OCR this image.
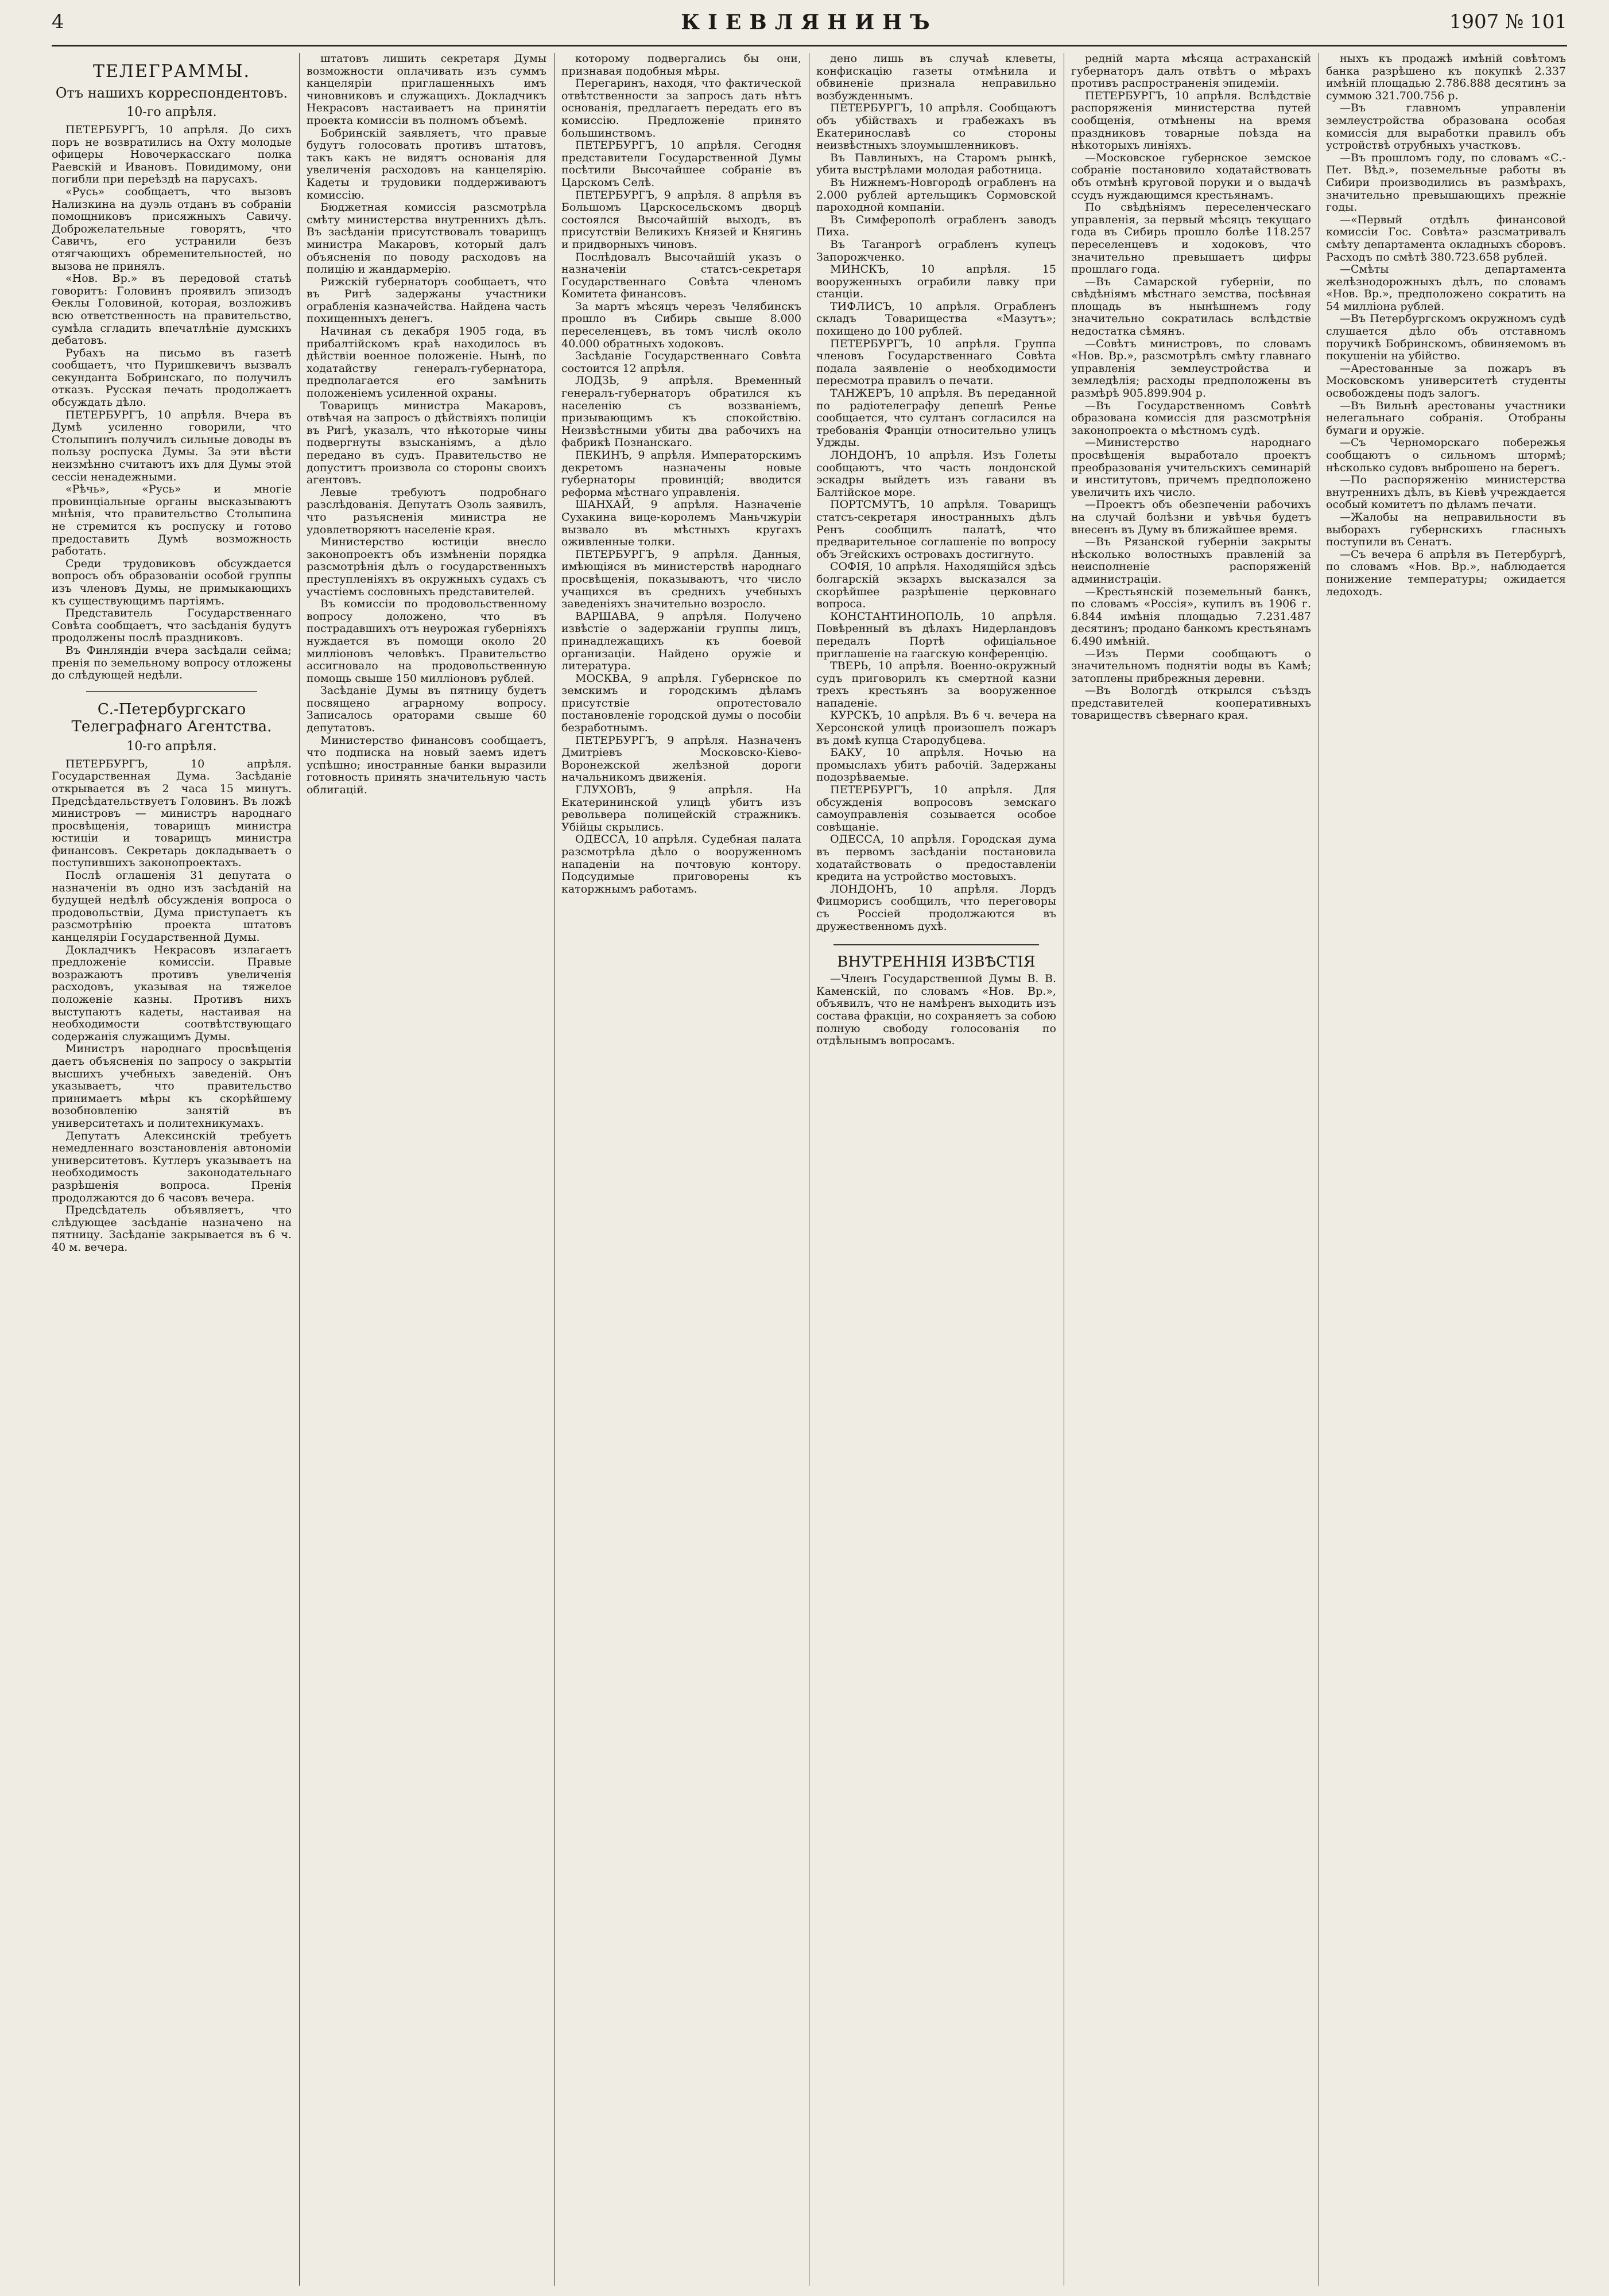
4	КІЕВЛЯНИНЪ	1907 № 101
ТЕЛЕГРАММЫ.
Отъ нашихъ корреспондентовъ.
10-го апрѣля.

ПЕТЕРБУРГЪ, 10 апрѣля. До сихъ поръ не возвратились на Охту молодые офицеры Новочеркасскаго полка Раевскій и Ивановъ. Повидимому, они погибли при переѣздѣ на парусахъ.

«Русь» сообщаетъ, что вызовъ Нализкина на дуэль отданъ въ собраніи помощниковъ присяжныхъ Савичу. Доброжелательные говорятъ, что Савичъ, его устранили безъ отягчающихъ обременительностей, но вызова не принялъ.

«Нов. Вр.» въ передовой статьѣ говоритъ: Головинъ проявилъ эпизодъ Ѳеклы Головиной, которая, возложивъ всю ответственность на правительство, сумѣла сгладить впечатлѣніе думскихъ дебатовъ.

Рубахъ на письмо въ газетѣ сообщаетъ, что Пуришкевичъ вызвалъ секунданта Бобринскаго, по получилъ отказъ. Русская печать продолжаетъ обсуждать дѣло.

ПЕТЕРБУРГЪ, 10 апрѣля. Вчера въ Думѣ усиленно говорили, что Столыпинъ получилъ сильные доводы въ пользу роспуска Думы. За эти вѣсти неизмѣнно считаютъ ихъ для Думы этой сессіи ненадежными.

«Рѣчь», «Русь» и многіе провинціальные органы высказываютъ мнѣнія, что правительство Столыпина не стремится къ роспуску и готово предоставить Думѣ возможность работать.

Среди трудовиковъ обсуждается вопросъ объ образованіи особой группы изъ членовъ Думы, не примыкающихъ къ существующимъ партіямъ.

Представитель Государственнаго Совѣта сообщаетъ, что засѣданія будутъ продолжены послѣ праздниковъ.

Въ Финляндіи вчера засѣдали сейма; пренія по земельному вопросу отложены до слѣдующей недѣли.

С.-Петербургскаго Телеграфнаго Агентства.
10-го апрѣля.

ПЕТЕРБУРГЪ, 10 апрѣля. Государственная Дума. Засѣданіе открывается въ 2 часа 15 минутъ. Предсѣдательствуетъ Головинъ. Въ ложѣ министровъ — министръ народнаго просвѣщенія, товарищъ министра юстиціи и товарищъ министра финансовъ. Секретарь докладываетъ о поступившихъ законопроектахъ.

Послѣ оглашенія 31 депутата о назначеніи въ одно изъ засѣданій на будущей недѣлѣ обсужденія вопроса о продовольствіи, Дума приступаетъ къ разсмотрѣнію проекта штатовъ канцеляріи Государственной Думы.

Докладчикъ Некрасовъ излагаетъ предложеніе комиссіи. Правые возражаютъ противъ увеличенія расходовъ, указывая на тяжелое положеніе казны. Противъ нихъ выступаютъ кадеты, настаивая на необходимости соотвѣтствующаго содержанія служащимъ Думы.

Министръ народнаго просвѣщенія даетъ объясненія по запросу о закрытіи высшихъ учебныхъ заведеній. Онъ указываетъ, что правительство принимаетъ мѣры къ скорѣйшему возобновленію занятій въ университетахъ и политехникумахъ.

Депутатъ Алексинскій требуетъ немедленнаго возстановленія автономіи университетовъ. Кутлеръ указываетъ на необходимость законодательнаго разрѣшенія вопроса. Пренія продолжаются до 6 часовъ вечера.

Предсѣдатель объявляетъ, что слѣдующее засѣданіе назначено на пятницу. Засѣданіе закрывается въ 6 ч. 40 м. вечера.

штатовъ лишить секретаря Думы возможности оплачивать изъ суммъ канцеляріи приглашенныхъ имъ чиновниковъ и служащихъ. Докладчикъ Некрасовъ настаиваетъ на принятіи проекта комиссіи въ полномъ объемѣ.

Бобринскій заявляетъ, что правые будутъ голосовать противъ штатовъ, такъ какъ не видятъ основанія для увеличенія расходовъ на канцелярію. Кадеты и трудовики поддерживаютъ комиссію.

Бюджетная комиссія разсмотрѣла смѣту министерства внутреннихъ дѣлъ. Въ засѣданіи присутствовалъ товарищъ министра Макаровъ, который далъ объясненія по поводу расходовъ на полицію и жандармерію.

Рижскій губернаторъ сообщаетъ, что въ Ригѣ задержаны участники ограбленія казначейства. Найдена часть похищенныхъ денегъ.

Начиная съ декабря 1905 года, въ прибалтійскомъ краѣ находилось въ дѣйствіи военное положеніе. Нынѣ, по ходатайству генералъ-губернатора, предполагается его замѣнить положеніемъ усиленной охраны.

Товарищъ министра Макаровъ, отвѣчая на запросъ о дѣйствіяхъ полиціи въ Ригѣ, указалъ, что нѣкоторые чины подвергнуты взысканіямъ, а дѣло передано въ судъ. Правительство не допуститъ произвола со стороны своихъ агентовъ.

Левые требуютъ подробнаго разслѣдованія. Депутатъ Озоль заявилъ, что разъясненія министра не удовлетворяютъ населеніе края.

Министерство юстиціи внесло законопроектъ объ измѣненіи порядка разсмотрѣнія дѣлъ о государственныхъ преступленіяхъ въ окружныхъ судахъ съ участіемъ сословныхъ представителей.

Въ комиссіи по продовольственному вопросу доложено, что въ пострадавшихъ отъ неурожая губерніяхъ нуждается въ помощи около 20 милліоновъ человѣкъ. Правительство ассигновало на продовольственную помощь свыше 150 милліоновъ рублей.

Засѣданіе Думы въ пятницу будетъ посвящено аграрному вопросу. Записалось ораторами свыше 60 депутатовъ.

Министерство финансовъ сообщаетъ, что подписка на новый заемъ идетъ успѣшно; иностранные банки выразили готовность принять значительную часть облигацій.

которому подвергались бы они, признавая подобныя мѣры.

Перегаринъ, находя, что фактической отвѣтственности за запросъ дать нѣтъ основанія, предлагаетъ передать его въ комиссію. Предложеніе принято большинствомъ.

ПЕТЕРБУРГЪ, 10 апрѣля. Сегодня представители Государственной Думы посѣтили Высочайшее собраніе въ Царскомъ Селѣ.

ПЕТЕРБУРГЪ, 9 апрѣля. 8 апрѣля въ Большомъ Царскосельскомъ дворцѣ состоялся Высочайшій выходъ, въ присутствіи Великихъ Князей и Княгинь и придворныхъ чиновъ.

Послѣдовалъ Высочайшій указъ о назначеніи статсъ-секретаря Государственнаго Совѣта членомъ Комитета финансовъ.

За мартъ мѣсяцъ черезъ Челябинскъ прошло въ Сибирь свыше 8.000 переселенцевъ, въ томъ числѣ около 40.000 обратныхъ ходоковъ.

Засѣданіе Государственнаго Совѣта состоится 12 апрѣля.

ЛОДЗЬ, 9 апрѣля. Временный генералъ-губернаторъ обратился къ населенію съ воззваніемъ, призывающимъ къ спокойствію. Неизвѣстными убиты два рабочихъ на фабрикѣ Познанскаго.

ПЕКИНЪ, 9 апрѣля. Императорскимъ декретомъ назначены новые губернаторы провинцій; вводится реформа мѣстнаго управленія.

ШАНХАЙ, 9 апрѣля. Назначеніе Сухакина вице-королемъ Маньчжуріи вызвало въ мѣстныхъ кругахъ оживленные толки.

ПЕТЕРБУРГЪ, 9 апрѣля. Данныя, имѣющіяся въ министерствѣ народнаго просвѣщенія, показываютъ, что число учащихся въ среднихъ учебныхъ заведеніяхъ значительно возросло.

ВАРШАВА, 9 апрѣля. Получено извѣстіе о задержаніи группы лицъ, принадлежащихъ къ боевой организаціи. Найдено оружіе и литература.

МОСКВА, 9 апрѣля. Губернское по земскимъ и городскимъ дѣламъ присутствіе опротестовало постановленіе городской думы о пособіи безработнымъ.

ПЕТЕРБУРГЪ, 9 апрѣля. Назначенъ Дмитріевъ Московско-Кіево-Воронежской желѣзной дороги начальникомъ движенія.

ГЛУХОВЪ, 9 апрѣля. На Екатерининской улицѣ убитъ изъ револьвера полицейскій стражникъ. Убійцы скрылись.

ОДЕССА, 10 апрѣля. Судебная палата разсмотрѣла дѣло о вооруженномъ нападеніи на почтовую контору. Подсудимые приговорены къ каторжнымъ работамъ.

дено лишь въ случаѣ клеветы, конфискацію газеты отмѣнила и обвиненіе признала неправильно возбужденнымъ.

ПЕТЕРБУРГЪ, 10 апрѣля. Сообщаютъ объ убійствахъ и грабежахъ въ Екатеринославѣ со стороны неизвѣстныхъ злоумышленниковъ.

Въ Павлиныхъ, на Старомъ рынкѣ, убита выстрѣлами молодая работница.

Въ Нижнемъ-Новгородѣ ограбленъ на 2.000 рублей артельщикъ Сормовской пароходной компаніи.

Въ Симферополѣ ограбленъ заводъ Пиха.

Въ Таганрогѣ ограбленъ купецъ Запорожченко.

МИНСКЪ, 10 апрѣля. 15 вооруженныхъ ограбили лавку при станціи.

ТИФЛИСЪ, 10 апрѣля. Ограбленъ складъ Товарищества «Мазутъ»; похищено до 100 рублей.

ПЕТЕРБУРГЪ, 10 апрѣля. Группа членовъ Государственнаго Совѣта подала заявленіе о необходимости пересмотра правилъ о печати.

ТАНЖЕРЪ, 10 апрѣля. Въ переданной по радіотелеграфу депешѣ Ренье сообщается, что султанъ согласился на требованія Франціи относительно улицъ Уджды.

ЛОНДОНЪ, 10 апрѣля. Изъ Голеты сообщаютъ, что часть лондонской эскадры выйдетъ изъ гавани въ Балтійское море.

ПОРТСМУТЪ, 10 апрѣля. Товарищъ статсъ-секретаря иностранныхъ дѣлъ Ренъ сообщилъ палатѣ, что предварительное соглашеніе по вопросу объ Эгейскихъ островахъ достигнуто.

СОФІЯ, 10 апрѣля. Находящійся здѣсь болгарскій экзархъ высказался за скорѣйшее разрѣшеніе церковнаго вопроса.

КОНСТАНТИНОПОЛЬ, 10 апрѣля. Повѣренный въ дѣлахъ Нидерландовъ передалъ Портѣ офиціальное приглашеніе на гаагскую конференцію.

ТВЕРЬ, 10 апрѣля. Военно-окружный судъ приговорилъ къ смертной казни трехъ крестьянъ за вооруженное нападеніе.

КУРСКЪ, 10 апрѣля. Въ 6 ч. вечера на Херсонской улицѣ произошелъ пожаръ въ домѣ купца Стародубцева.

БАКУ, 10 апрѣля. Ночью на промыслахъ убитъ рабочій. Задержаны подозрѣваемые.

ПЕТЕРБУРГЪ, 10 апрѣля. Для обсужденія вопросовъ земскаго самоуправленія созывается особое совѣщаніе.

ОДЕССА, 10 апрѣля. Городская дума въ первомъ засѣданіи постановила ходатайствовать о предоставленіи кредита на устройство мостовыхъ.

ЛОНДОНЪ, 10 апрѣля. Лордъ Фицморисъ сообщилъ, что переговоры съ Россіей продолжаются въ дружественномъ духѣ.

ВНУТРЕННІЯ ИЗВѢСТІЯ

—Членъ Государственной Думы В. В. Каменскій, по словамъ «Нов. Вр.», объявилъ, что не намѣренъ выходить изъ состава фракціи, но сохраняетъ за собою полную свободу голосованія по отдѣльнымъ вопросамъ.

редній марта мѣсяца астраханскій губернаторъ далъ отвѣтъ о мѣрахъ противъ распространенія эпидеміи.

ПЕТЕРБУРГЪ, 10 апрѣля. Вслѣдствіе распоряженія министерства путей сообщенія, отмѣнены на время праздниковъ товарные поѣзда на нѣкоторыхъ линіяхъ.

—Московское губернское земское собраніе постановило ходатайствовать объ отмѣнѣ круговой поруки и о выдачѣ ссудъ нуждающимся крестьянамъ.

По свѣдѣніямъ переселенческаго управленія, за первый мѣсяцъ текущаго года въ Сибирь прошло болѣе 118.257 переселенцевъ и ходоковъ, что значительно превышаетъ цифры прошлаго года.

—Въ Самарской губерніи, по свѣдѣніямъ мѣстнаго земства, посѣвная площадь въ нынѣшнемъ году значительно сократилась вслѣдствіе недостатка сѣмянъ.

—Совѣтъ министровъ, по словамъ «Нов. Вр.», разсмотрѣлъ смѣту главнаго управленія землеустройства и земледѣлія; расходы предположены въ размѣрѣ 905.899.904 р.

—Въ Государственномъ Совѣтѣ образована комиссія для разсмотрѣнія законопроекта о мѣстномъ судѣ.

—Министерство народнаго просвѣщенія выработало проектъ преобразованія учительскихъ семинарій и институтовъ, причемъ предположено увеличить ихъ число.

—Проектъ объ обезпеченіи рабочихъ на случай болѣзни и увѣчья будетъ внесенъ въ Думу въ ближайшее время.

—Въ Рязанской губерніи закрыты нѣсколько волостныхъ правленій за неисполненіе распоряженій администраціи.

—Крестьянскій поземельный банкъ, по словамъ «Россія», купилъ въ 1906 г. 6.844 имѣнія площадью 7.231.487 десятинъ; продано банкомъ крестьянамъ 6.490 имѣній.

—Изъ Перми сообщаютъ о значительномъ поднятіи воды въ Камѣ; затоплены прибрежныя деревни.

—Въ Вологдѣ открылся съѣздъ представителей кооперативныхъ товариществъ сѣвернаго края.

ныхъ къ продажѣ имѣній совѣтомъ банка разрѣшено къ покупкѣ 2.337 имѣній площадью 2.786.888 десятинъ за суммою 321.700.756 р.

—Въ главномъ управленіи землеустройства образована особая комиссія для выработки правилъ объ устройствѣ отрубныхъ участковъ.

—Въ прошломъ году, по словамъ «С.-Пет. Вѣд.», поземельные работы въ Сибири производились въ размѣрахъ, значительно превышающихъ прежніе годы.

—«Первый отдѣлъ финансовой комиссіи Гос. Совѣта» разсматривалъ смѣту департамента окладныхъ сборовъ. Расходъ по смѣтѣ 380.723.658 рублей.

—Смѣты департамента желѣзнодорожныхъ дѣлъ, по словамъ «Нов. Вр.», предположено сократить на 54 милліона рублей.

—Въ Петербургскомъ окружномъ судѣ слушается дѣло объ отставномъ поручикѣ Бобринскомъ, обвиняемомъ въ покушеніи на убійство.

—Арестованные за пожаръ въ Московскомъ университетѣ студенты освобождены подъ залогъ.

—Въ Вильнѣ арестованы участники нелегальнаго собранія. Отобраны бумаги и оружіе.

—Съ Черноморскаго побережья сообщаютъ о сильномъ штормѣ; нѣсколько судовъ выброшено на берегъ.

—По распоряженію министерства внутреннихъ дѣлъ, въ Кіевѣ учреждается особый комитетъ по дѣламъ печати.

—Жалобы на неправильности въ выборахъ губернскихъ гласныхъ поступили въ Сенатъ.

—Съ вечера 6 апрѣля въ Петербургѣ, по словамъ «Нов. Вр.», наблюдается понижение температуры; ожидается ледоходъ.
